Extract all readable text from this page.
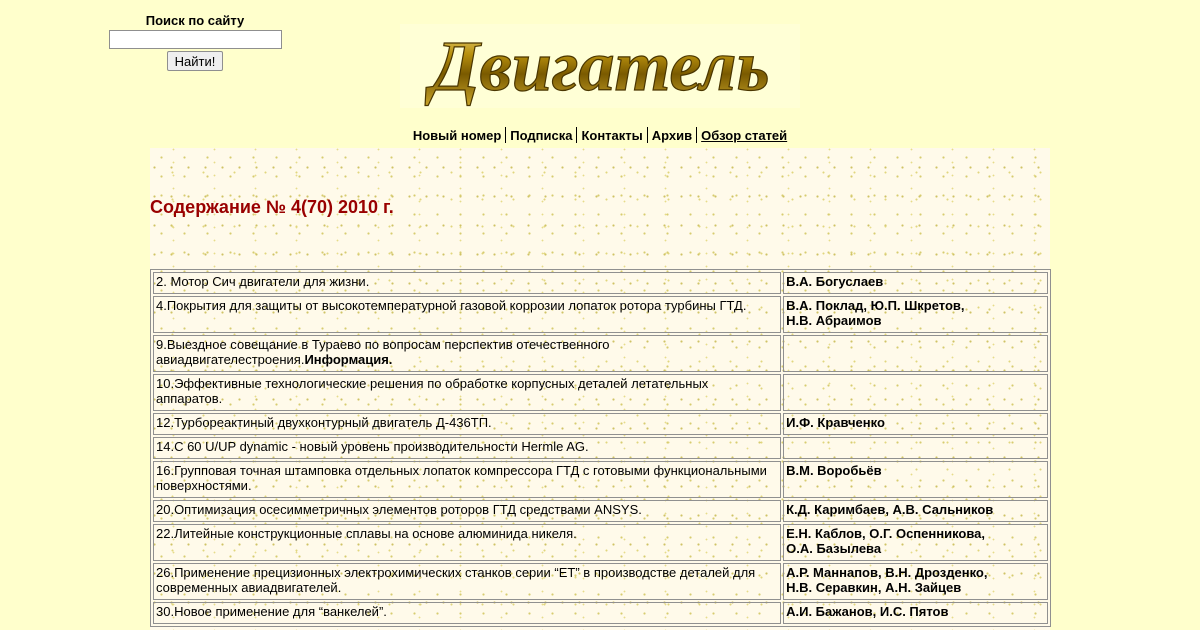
Поиск по сайту
Найти!	Двигатель
Новый номер Подписка Контакты Архив Обзор статей
Содержание № 4(70) 2010 г.
2. Мотор Сич двигатели для жизни.	В.А. Богуслаев

4.Покрытия для защиты от высокотемпературной газовой коррозии лопаток ротора турбины ГТД.	В.А. Поклад, Ю.П. Шкретов,
Н.В. Абраимов

9.Выездное совещание в Тураево по вопросам перспектив отечественного авиадвигателестроения.Информация.	
10.Эффективные технологические решения по обработке корпусных деталей летательных аппаратов.	
12.Турбореактиный двухконтурный двигатель Д-436ТП.	И.Ф. Кравченко

14.C 60 U/UP dynamic - новый уровень производительности Hermle AG.	
16.Групповая точная штамповка отдельных лопаток компрессора ГТД с готовыми функциональными поверхностями.	В.М. Воробьёв

20.Оптимизация осесимметричных элементов роторов ГТД средствами ANSYS.	К.Д. Каримбаев, А.В. Сальников

22.Литейные конструкционные сплавы на основе алюминида никеля.	Е.Н. Каблов, О.Г. Оспенникова,
О.А. Базылева

26.Применение прецизионных электрохимических станков серии “ЕТ” в производстве деталей для современных авиадвигателей.	А.Р. Маннапов, В.Н. Дрозденко,
Н.В. Серавкин, А.Н. Зайцев

30.Новое применение для “ванкелей”.	А.И. Бажанов, И.С. Пятов
